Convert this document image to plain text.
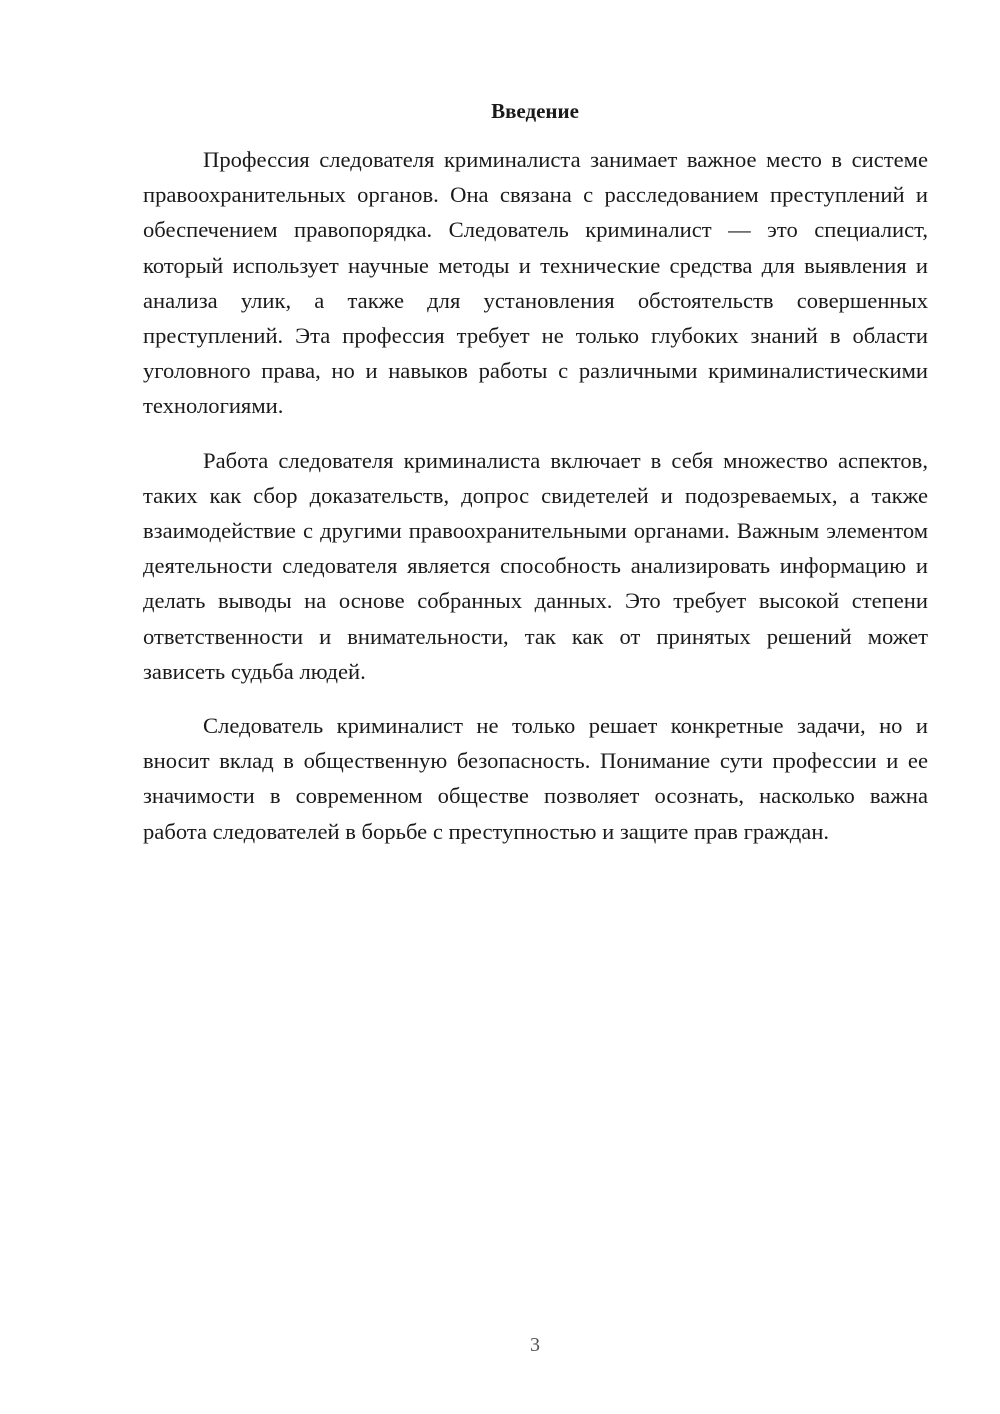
Введение

Профессия следователя криминалиста занимает важное место в системе правоохранительных органов. Она связана с расследованием преступлений и обеспечением правопорядка. Следователь криминалист — это специалист, который использует научные методы и технические средства для выявления и анализа улик, а также для установления обстоятельств совершенных преступлений. Эта профессия требует не только глубоких знаний в области уголовного права, но и навыков работы с различными криминалистическими технологиями.

Работа следователя криминалиста включает в себя множество аспектов, таких как сбор доказательств, допрос свидетелей и подозреваемых, а также взаимодействие с другими правоохранительными органами. Важным элементом деятельности следователя является способность анализировать информацию и делать выводы на основе собранных данных. Это требует высокой степени ответственности и внимательности, так как от принятых решений может зависеть судьба людей.

Следователь криминалист не только решает конкретные задачи, но и вносит вклад в общественную безопасность. Понимание сути профессии и ее значимости в современном обществе позволяет осознать, насколько важна работа следователей в борьбе с преступностью и защите прав граждан.

3
